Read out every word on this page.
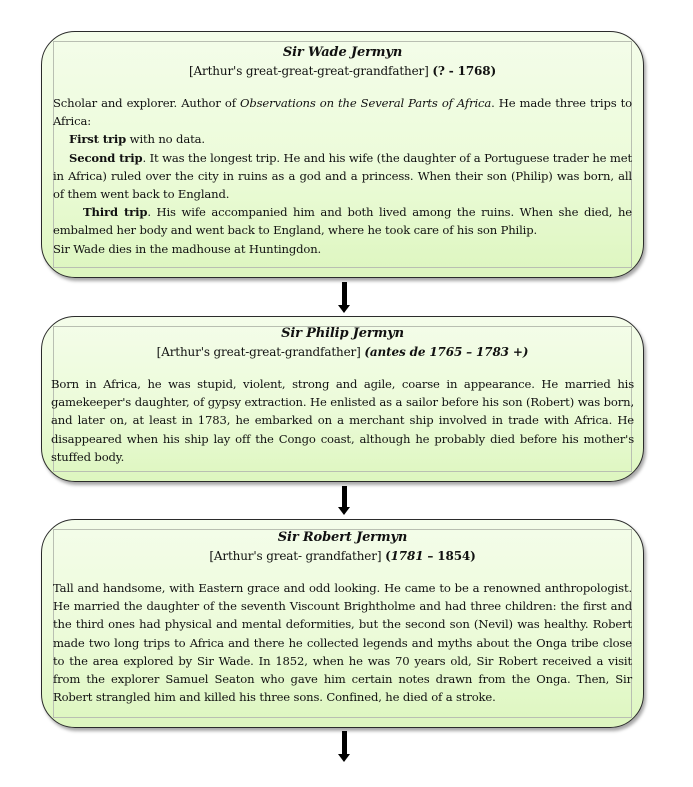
Sir Wade Jermyn
[Arthur's great-great-great-grandfather] (? - 1768)

Scholar and explorer. Author of Observations on the Several Parts of Africa. He made three trips to Africa:

First trip with no data.

Second trip. It was the longest trip. He and his wife (the daughter of a Portuguese trader he met in Africa) ruled over the city in ruins as a god and a princess. When their son (Philip) was born, all of them went back to England.

Third trip. His wife accompanied him and both lived among the ruins. When she died, he embalmed her body and went back to England, where he took care of his son Philip.

Sir Wade dies in the madhouse at Huntingdon.

Sir Philip Jermyn
[Arthur's great-great-grandfather] (antes de 1765 – 1783 +)

Born in Africa, he was stupid, violent, strong and agile, coarse in appearance. He married his gamekeeper's daughter, of gypsy extraction. He enlisted as a sailor before his son (Robert) was born, and later on, at least in 1783, he embarked on a merchant ship involved in trade with Africa. He disappeared when his ship lay off the Congo coast, although he probably died before his mother's stuffed body.

Sir Robert Jermyn
[Arthur's great- grandfather] (1781 – 1854)

Tall and handsome, with Eastern grace and odd looking. He came to be a renowned anthropologist. He married the daughter of the seventh Viscount Brightholme and had three children: the first and the third ones had physical and mental deformities, but the second son (Nevil) was healthy. Robert made two long trips to Africa and there he collected legends and myths about the Onga tribe close to the area explored by Sir Wade. In 1852, when he was 70 years old, Sir Robert received a visit from the explorer Samuel Seaton who gave him certain notes drawn from the Onga. Then, Sir Robert strangled him and killed his three sons. Confined, he died of a stroke.
